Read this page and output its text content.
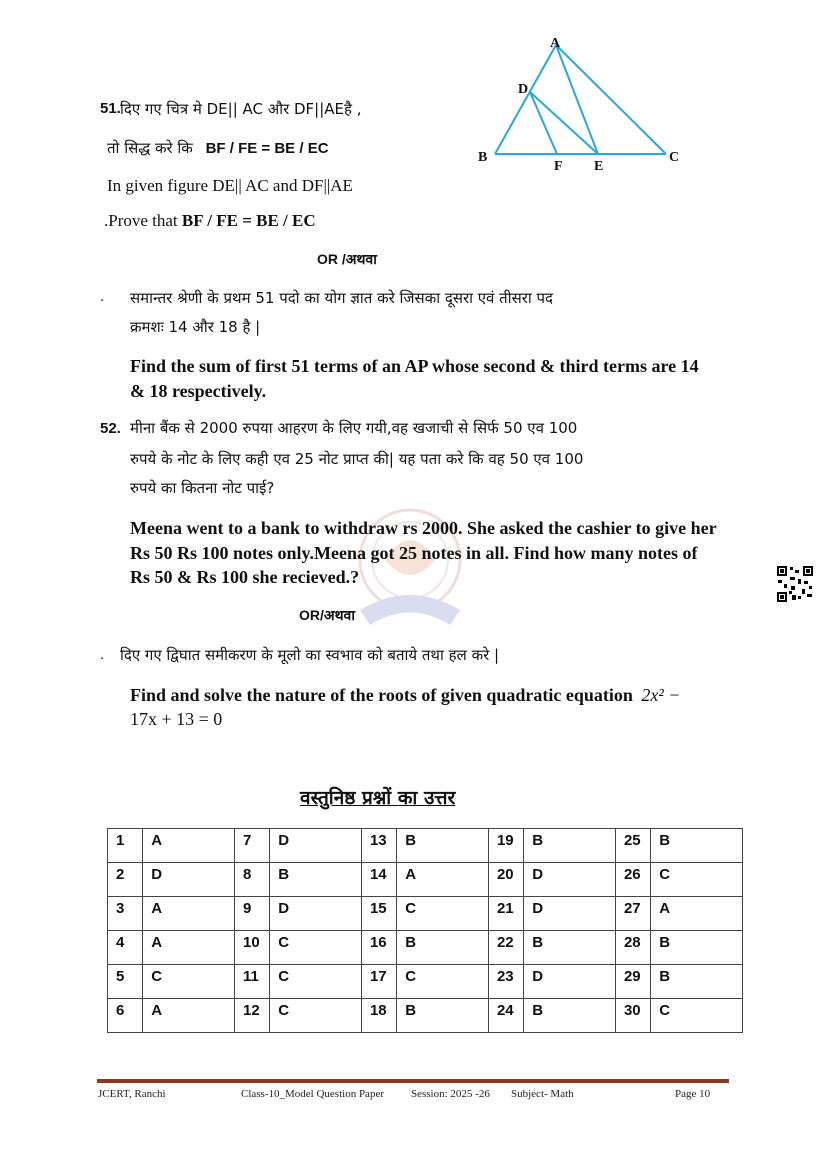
51. दिए गए चित्र मे DE|| AC और DF||AEहै ,
तो सिद्ध करे कि BF / FE = BE / EC
In given figure DE|| AC and DF||AE
.Prove that BF / FE = BE / EC
A
B	C
D
E
F
OR /अथवा
. समान्तर श्रेणी के प्रथम 51 पदो का योग ज्ञात करे जिसका दूसरा एवं तीसरा पद
क्रमशः 14 और 18 है |
Find the sum of first 51 terms of an AP whose second & third terms are 14
& 18 respectively.
52. मीना बैंक से 2000 रुपया आहरण के लिए गयी,वह खजाची से सिर्फ 50 एव 100
रुपये के नोट के लिए कही एव 25 नोट प्राप्त की| यह पता करे कि वह 50 एव 100
रुपये का कितना नोट पाई?
Meena went to a bank to withdraw rs 2000. She asked the cashier to give her
Rs 50 Rs 100 notes only.Meena got 25 notes in all. Find how many notes of
Rs 50 & Rs 100 she recieved.?
OR/अथवा
. दिए गए द्विघात समीकरण के मूलो का स्वभाव को बताये तथा हल करे |
Find and solve the nature of the roots of given quadratic equation 2x² −
17x + 13 = 0
वस्तुनिष्ठ प्रश्नों का उत्तर
1	A	7	D	13	B	19	B	25	B
2	D	8	B	14	A	20	D	26	C
3	A	9	D	15	C	21	D	27	A
4	A	10	C	16	B	22	B	28	B
5	C	11	C	17	C	23	D	29	B
6	A	12	C	18	B	24	B	30	C
JCERT, Ranchi	Class-10_Model Question Paper Session: 2025 -26 Subject- Math	Page 10
